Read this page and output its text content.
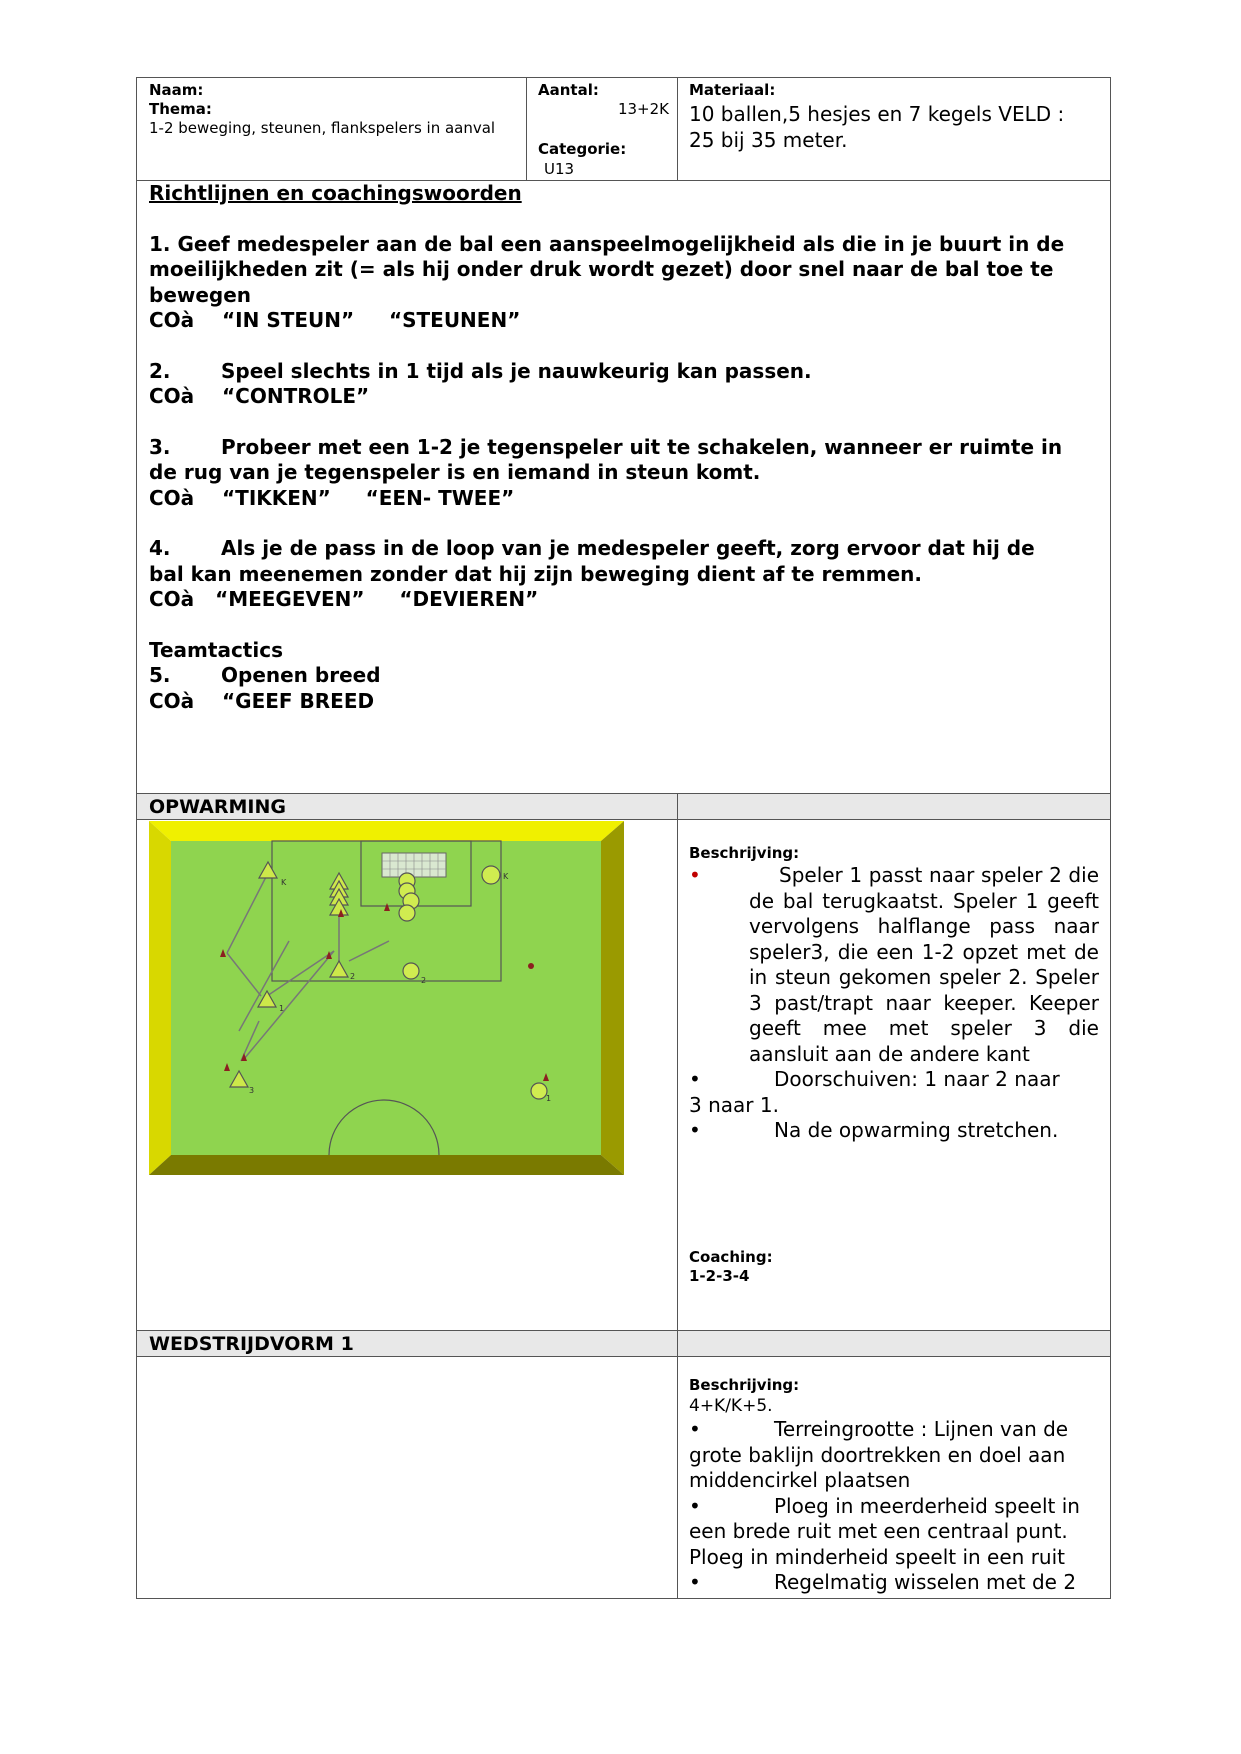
Naam:
Thema:
1-2 beweging, steunen, flankspelers in aanval
Aantal:
13+2K
Categorie:
U13
Materiaal:
10 ballen,5 hesjes en 7 kegels VELD : 25 bij 35 meter.
Richtlijnen en coachingswoorden
1. Geef medespeler aan de bal een aanspeelmogelijkheid als die in je buurt in de moeilijkheden zit (= als hij onder druk wordt gezet) door snel naar de bal toe te bewegen
COà    “IN STEUN”     “STEUNEN”
2.	Speel slechts in 1 tijd als je nauwkeurig kan passen.
COà    “CONTROLE”
3.	Probeer met een 1-2 je tegenspeler uit te schakelen, wanneer er ruimte in
de rug van je tegenspeler is en iemand in steun komt.
COà    “TIKKEN”     “EEN- TWEE”
4.	Als je de pass in de loop van je medespeler geeft, zorg ervoor dat hij de
bal kan meenemen zonder dat hij zijn beweging dient af te remmen.
COà   “MEEGEVEN”     “DEVIEREN”
Teamtactics
5.	Openen breed
COà    “GEEF BREED
OPWARMING
K
K
2	2
1
3
1
Beschrijving:
•	Speler 1 passt naar speler 2 die de bal terugkaatst. Speler 1 geeft vervolgens halflange pass naar speler3, die een 1-2 opzet met de in steun gekomen speler 2. Speler 3 past/trapt naar keeper. Keeper geeft mee met speler 3 die aansluit aan de andere kant
•	Doorschuiven: 1 naar 2 naar
3 naar 1.
•	Na de opwarming stretchen.
Coaching:
1-2-3-4
WEDSTRIJDVORM 1
Beschrijving:
4+K/K+5.
•	Terreingrootte : Lijnen van de
grote baklijn doortrekken en doel aan
middencirkel plaatsen
•	Ploeg in meerderheid speelt in
een brede ruit met een centraal punt.
Ploeg in minderheid speelt in een ruit
•	Regelmatig wisselen met de 2
